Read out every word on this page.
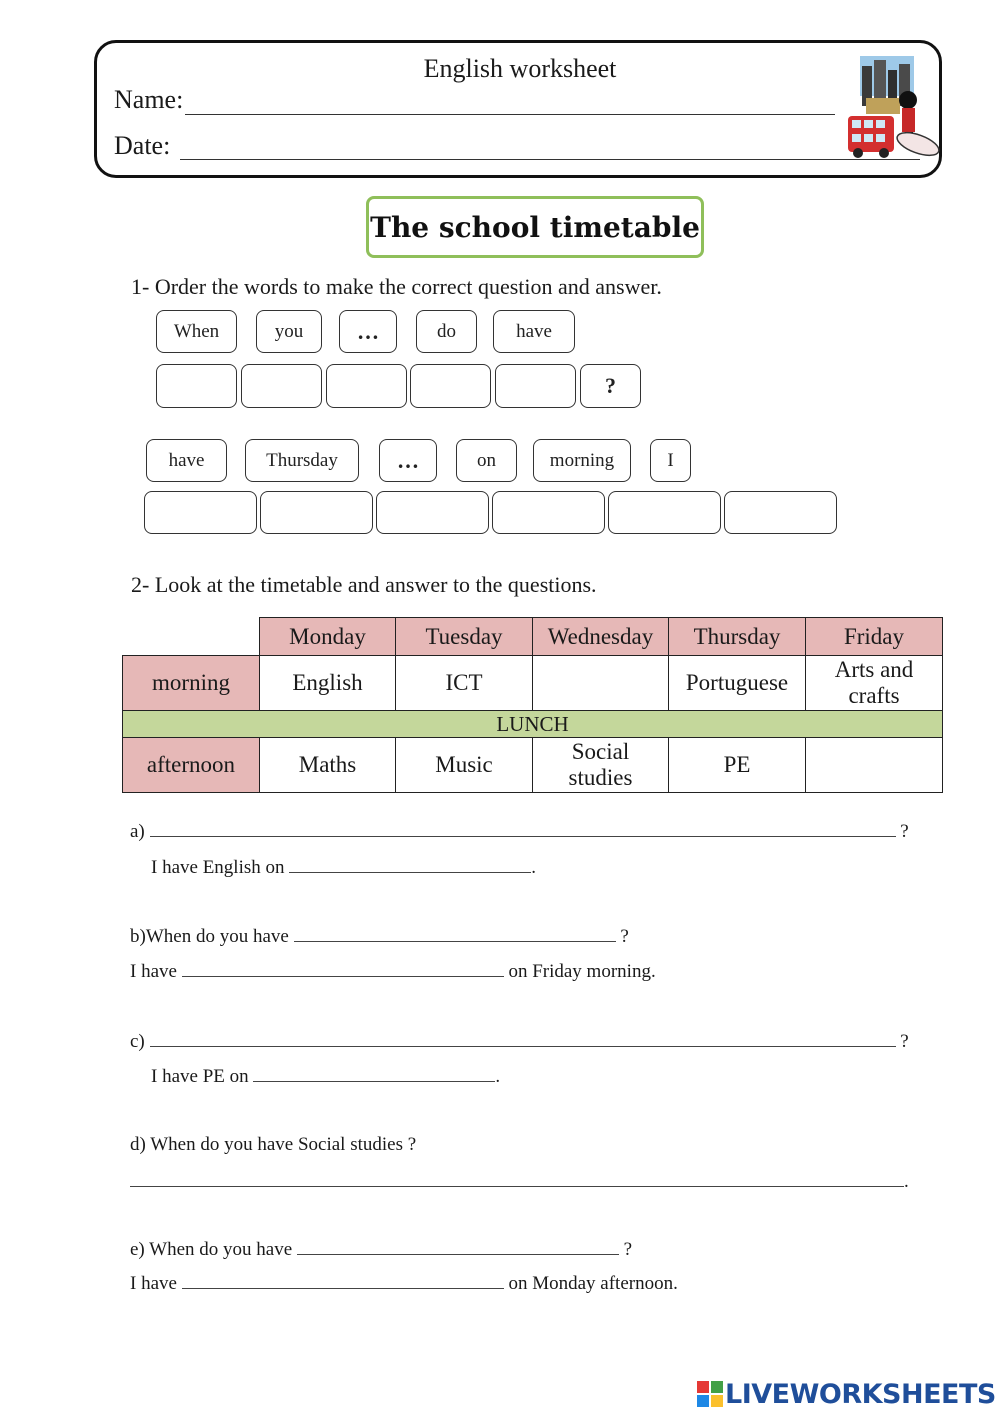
English worksheet
Name:
Date:
The school timetable
1- Order the words to make the correct question and answer.
When	you	…	do	have
?
have	Thursday	…	on	morning	I
2- Look at the timetable and answer to the questions.
	Monday	Tuesday	Wednesday	Thursday	Friday
morning	English	ICT		Portuguese	Arts and crafts
LUNCH					
afternoon	Maths	Music	Social studies	PE	
a)	?
I have English on	.
b)When do you have	?
I have	on Friday morning.
c)	?
I have PE on	.
d) When do you have Social studies ?
.
e) When do you have	?
I have	on Monday afternoon.
LIVEWORKSHEETS
